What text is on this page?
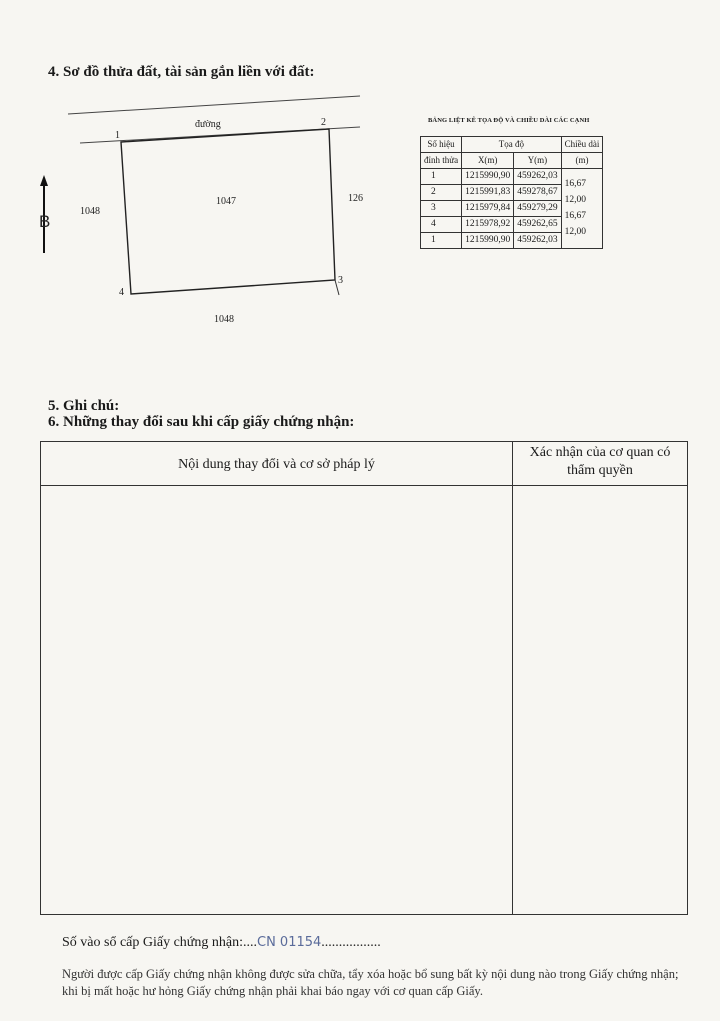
4. Sơ đồ thửa đất, tài sản gắn liền với đất:
đường
1047
1048
126
1048
1
2
3
4
B
BẢNG LIỆT KÊ TỌA ĐỘ VÀ CHIỀU DÀI CÁC CẠNH
Số hiệu	Tọa độ		Chiều dài
đỉnh thửa	X(m)	Y(m)	(m)
1	1215990,90	459262,03	16,67
2	1215991,83	459278,67	12,00
3	1215979,84	459279,29	16,67
4	1215978,92	459262,65	12,00
1	1215990,90	459262,03	
5. Ghi chú:
6. Những thay đổi sau khi cấp giấy chứng nhận:
Nội dung thay đổi và cơ sở pháp lý
Xác nhận của cơ quan có
thẩm quyền
Số vào sổ cấp Giấy chứng nhận:....CN 01154.................
Người được cấp Giấy chứng nhận không được sửa chữa, tẩy xóa hoặc bổ sung bất kỳ nội dung nào trong Giấy chứng nhận; khi bị mất hoặc hư hỏng Giấy chứng nhận phải khai báo ngay với cơ quan cấp Giấy.
